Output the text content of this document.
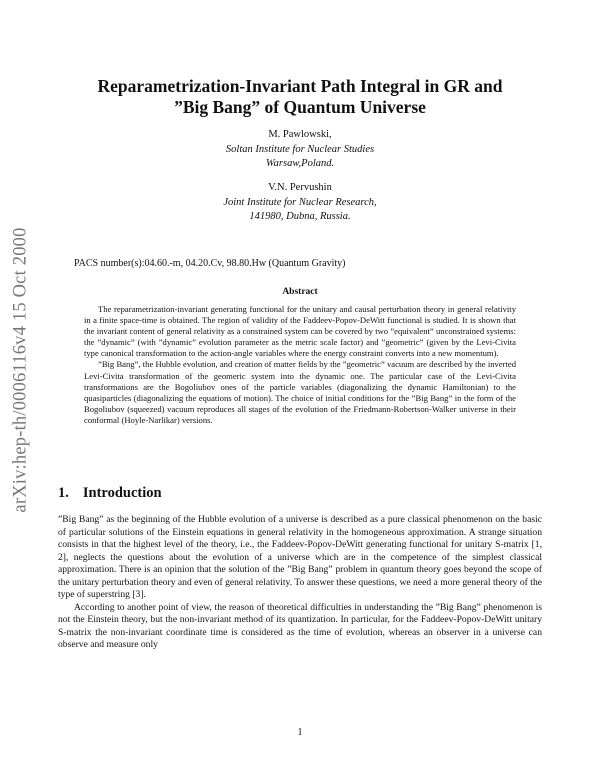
arXiv:hep-th/0006116v4 15 Oct 2000
Reparametrization-Invariant Path Integral in GR and
”Big Bang” of Quantum Universe
M. Pawlowski,
Soltan Institute for Nuclear Studies
Warsaw,Poland.
V.N. Pervushin
Joint Institute for Nuclear Research,
141980, Dubna, Russia.
PACS number(s):04.60.-m, 04.20.Cv, 98.80.Hw (Quantum Gravity)
Abstract

The reparametrization-invariant generating functional for the unitary and causal perturbation theory in general relativity in a finite space-time is obtained. The region of validity of the Faddeev-Popov-DeWitt functional is studied. It is shown that the invariant content of general relativity as a constrained system can be covered by two ”equivalent” unconstrained systems: the ”dynamic” (with ”dynamic” evolution parameter as the metric scale factor) and ”geometric” (given by the Levi-Civita type canonical transformation to the action-angle variables where the energy constraint converts into a new momentum).

”Big Bang”, the Hubble evolution, and creation of matter fields by the ”geometric” vacuum are described by the inverted Levi-Civita transformation of the geomeric system into the dynamic one. The particular case of the Levi-Civita transformations are the Bogoliubov ones of the particle variables (diagonalizing the dynamic Hamiltonian) to the quasiparticles (diagonalizing the equations of motion). The choice of initial conditions for the ”Big Bang” in the form of the Bogoliubov (squeezed) vacuum reproduces all stages of the evolution of the Friedmann-Robertson-Walker universe in their conformal (Hoyle-Narlikar) versions.

1. Introduction

”Big Bang” as the beginning of the Hubble evolution of a universe is described as a pure classical phenomenon on the basic of particular solutions of the Einstein equations in general relativity in the homogeneous approximation. A strange situation consists in that the highest level of the theory, i.e., the Faddeev-Popov-DeWitt generating functional for unitary S-matrix [1, 2], neglects the questions about the evolution of a universe which are in the competence of the simplest classical approximation. There is an opinion that the solution of the ”Big Bang” problem in quantum theory goes beyond the scope of the unitary perturbation theory and even of general relativity. To answer these questions, we need a more general theory of the type of superstring [3].

According to another point of view, the reason of theoretical difficulties in understanding the ”Big Bang” phenomenon is not the Einstein theory, but the non-invariant method of its quantization. In particular, for the Faddeev-Popov-DeWitt unitary S-matrix the non-invariant coordinate time is considered as the time of evolution, whereas an observer in a universe can observe and measure only

1
